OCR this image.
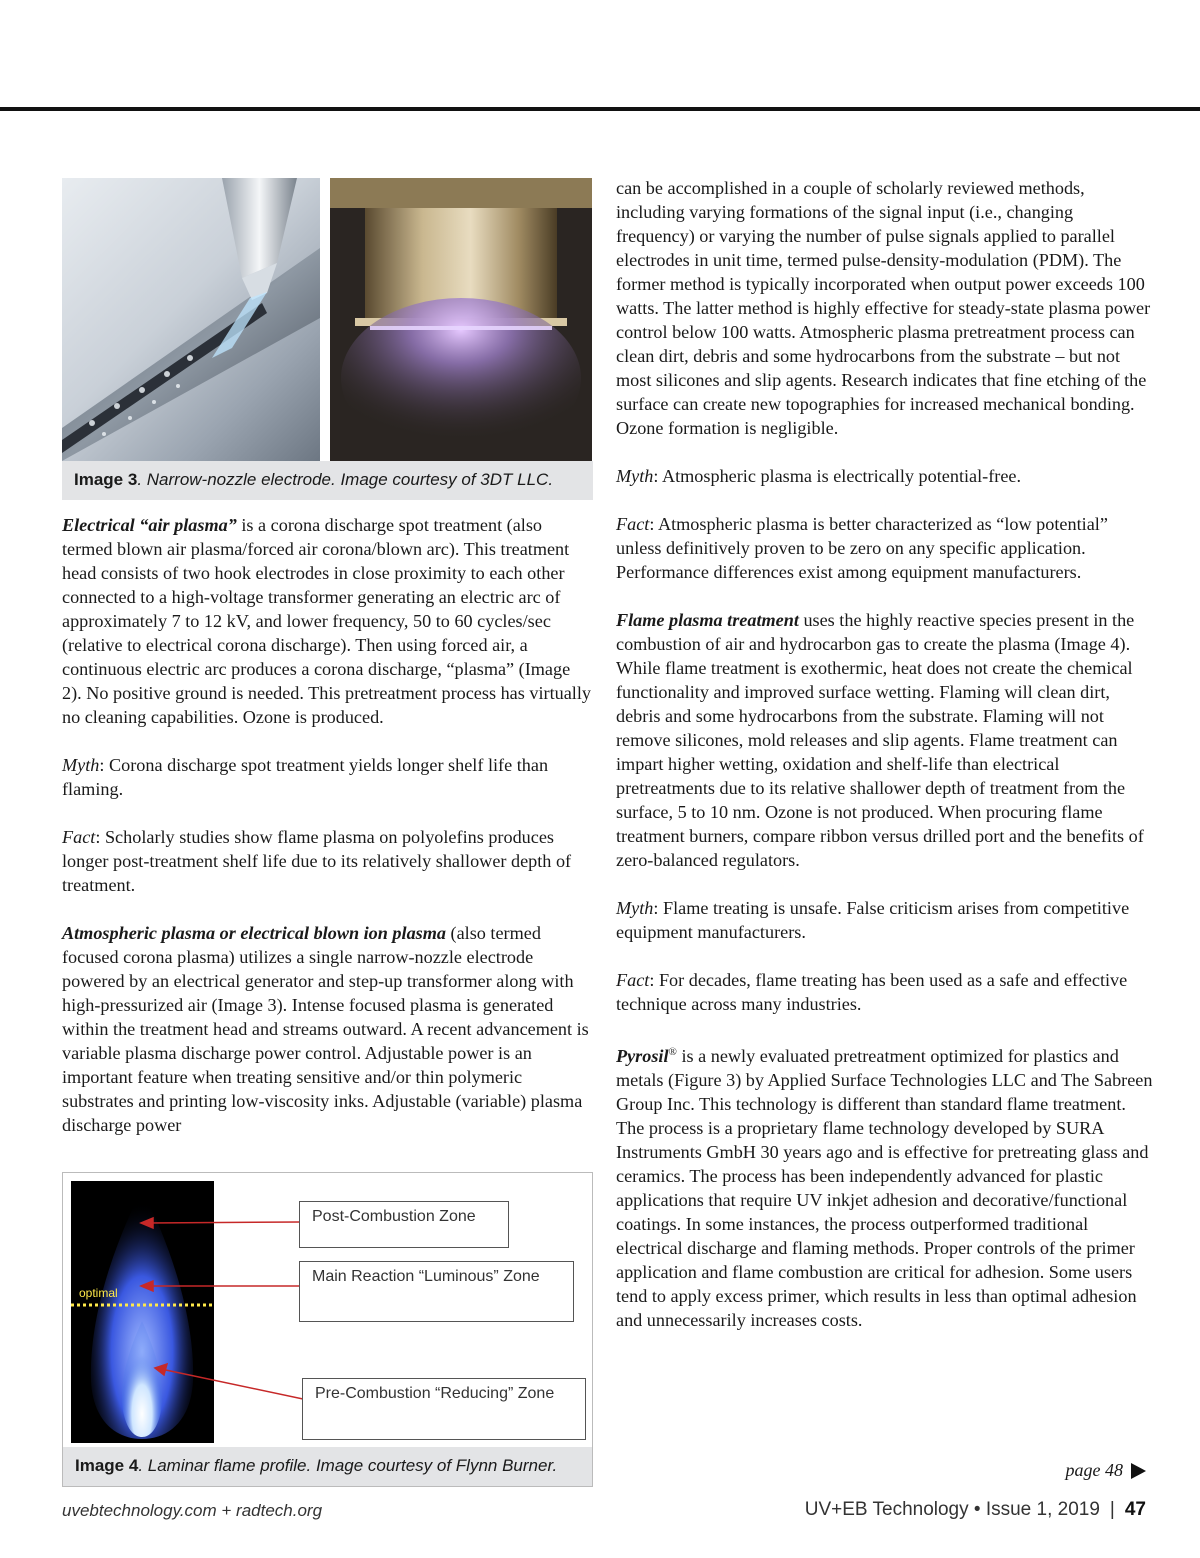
Image 3. Narrow-nozzle electrode. Image courtesy of 3DT LLC.

Electrical “air plasma” is a corona discharge spot treatment (also termed blown air plasma/forced air corona/blown arc). This treatment head consists of two hook electrodes in close proximity to each other connected to a high-voltage transformer generating an electric arc of approximately 7 to 12 kV, and lower frequency, 50 to 60 cycles/sec (relative to electrical corona discharge). Then using forced air, a continuous electric arc produces a corona discharge, “plasma” (Image 2). No positive ground is needed. This pretreatment process has virtually no cleaning capabilities. Ozone is produced.

Myth: Corona discharge spot treatment yields longer shelf life than flaming.

Fact: Scholarly studies show flame plasma on polyolefins produces longer post-treatment shelf life due to its relatively shallower depth of treatment.

Atmospheric plasma or electrical blown ion plasma (also termed focused corona plasma) utilizes a single narrow-nozzle electrode powered by an electrical generator and step-up transformer along with high-pressurized air (Image 3). Intense focused plasma is generated within the treatment head and streams outward. A recent advancement is variable plasma discharge power control. Adjustable power is an important feature when treating sensitive and/or thin polymeric substrates and printing low-viscosity inks. Adjustable (variable) plasma discharge power

optimal
Post-Combustion Zone
Main Reaction “Luminous” Zone
Pre-Combustion “Reducing” Zone
Image 4. Laminar flame profile. Image courtesy of Flynn Burner.

can be accomplished in a couple of scholarly reviewed methods, including varying formations of the signal input (i.e., changing frequency) or varying the number of pulse signals applied to parallel electrodes in unit time, termed pulse-density-modulation (PDM). The former method is typically incorporated when output power exceeds 100 watts. The latter method is highly effective for steady-state plasma power control below 100 watts. Atmospheric plasma pretreatment process can clean dirt, debris and some hydrocarbons from the substrate – but not most silicones and slip agents. Research indicates that fine etching of the surface can create new topographies for increased mechanical bonding. Ozone formation is negligible.

Myth: Atmospheric plasma is electrically potential-free.

Fact: Atmospheric plasma is better characterized as “low potential” unless definitively proven to be zero on any specific application. Performance differences exist among equipment manufacturers.

Flame plasma treatment uses the highly reactive species present in the combustion of air and hydrocarbon gas to create the plasma (Image 4). While flame treatment is exothermic, heat does not create the chemical functionality and improved surface wetting. Flaming will clean dirt, debris and some hydrocarbons from the substrate. Flaming will not remove silicones, mold releases and slip agents. Flame treatment can impart higher wetting, oxidation and shelf-life than electrical pretreatments due to its relative shallower depth of treatment from the surface, 5 to 10 nm. Ozone is not produced. When procuring flame treatment burners, compare ribbon versus drilled port and the benefits of zero-balanced regulators.

Myth: Flame treating is unsafe. False criticism arises from competitive equipment manufacturers.

Fact: For decades, flame treating has been used as a safe and effective technique across many industries.

Pyrosil® is a newly evaluated pretreatment optimized for plastics and metals (Figure 3) by Applied Surface Technologies LLC and The Sabreen Group Inc. This technology is different than standard flame treatment. The process is a proprietary flame technology developed by SURA Instruments GmbH 30 years ago and is effective for pretreating glass and ceramics. The process has been independently advanced for plastic applications that require UV inkjet adhesion and decorative/functional coatings. In some instances, the process outperformed traditional electrical discharge and flaming methods. Proper controls of the primer application and flame combustion are critical for adhesion. Some users tend to apply excess primer, which results in less than optimal adhesion and unnecessarily increases costs.

page 48
uvebtechnology.com + radtech.org	UV+EB Technology • Issue 1, 2019 | 47
